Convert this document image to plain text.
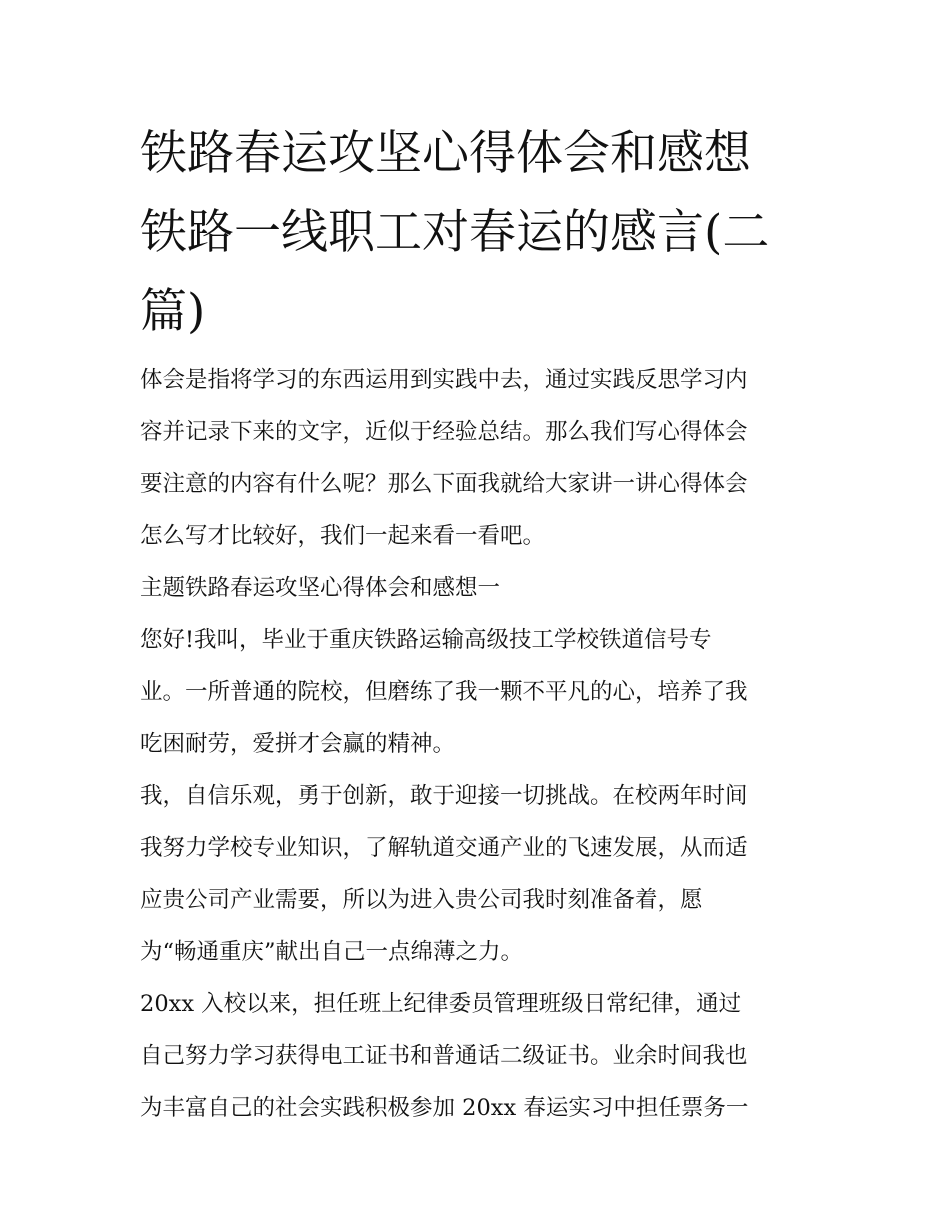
铁路春运攻坚心得体会和感想
铁路一线职工对春运的感言(二
篇)
体会是指将学习的东西运用到实践中去，通过实践反思学习内
容并记录下来的文字，近似于经验总结。那么我们写心得体会
要注意的内容有什么呢？那么下面我就给大家讲一讲心得体会
怎么写才比较好，我们一起来看一看吧。
主题铁路春运攻坚心得体会和感想一
您好!我叫，毕业于重庆铁路运输高级技工学校铁道信号专
业。一所普通的院校，但磨练了我一颗不平凡的心，培养了我
吃困耐劳，爱拼才会赢的精神。
我，自信乐观，勇于创新，敢于迎接一切挑战。在校两年时间
我努力学校专业知识，了解轨道交通产业的飞速发展，从而适
应贵公司产业需要，所以为进入贵公司我时刻准备着，愿
为“畅通重庆”献出自己一点绵薄之力。
20xx 入校以来，担任班上纪律委员管理班级日常纪律，通过
自己努力学习获得电工证书和普通话二级证书。业余时间我也
为丰富自己的社会实践积极参加 20xx 春运实习中担任票务一
